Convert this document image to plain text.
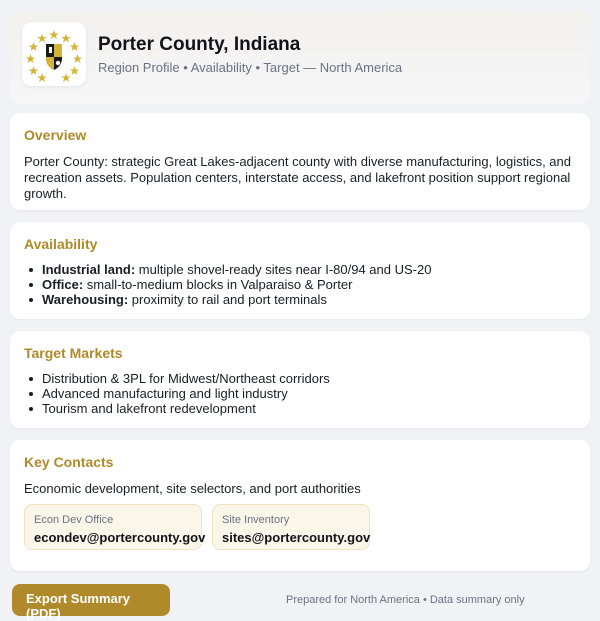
Porter County, Indiana
Region Profile • Availability • Target — North America
Overview

Porter County: strategic Great Lakes-adjacent county with diverse manufacturing, logistics, and recreation assets. Population centers, interstate access, and lakefront position support regional growth.

Availability
Industrial land: multiple shovel-ready sites near I-80/94 and US-20
Office: small-to-medium blocks in Valparaiso & Porter
Warehousing: proximity to rail and port terminals
Target Markets
Distribution & 3PL for Midwest/Northeast corridors
Advanced manufacturing and light industry
Tourism and lakefront redevelopment
Key Contacts

Economic development, site selectors, and port authorities

Econ Dev Office
econdev@portercounty.gov
Site Inventory
sites@portercounty.gov
Export Summary (PDF)
Prepared for North America • Data summary only
